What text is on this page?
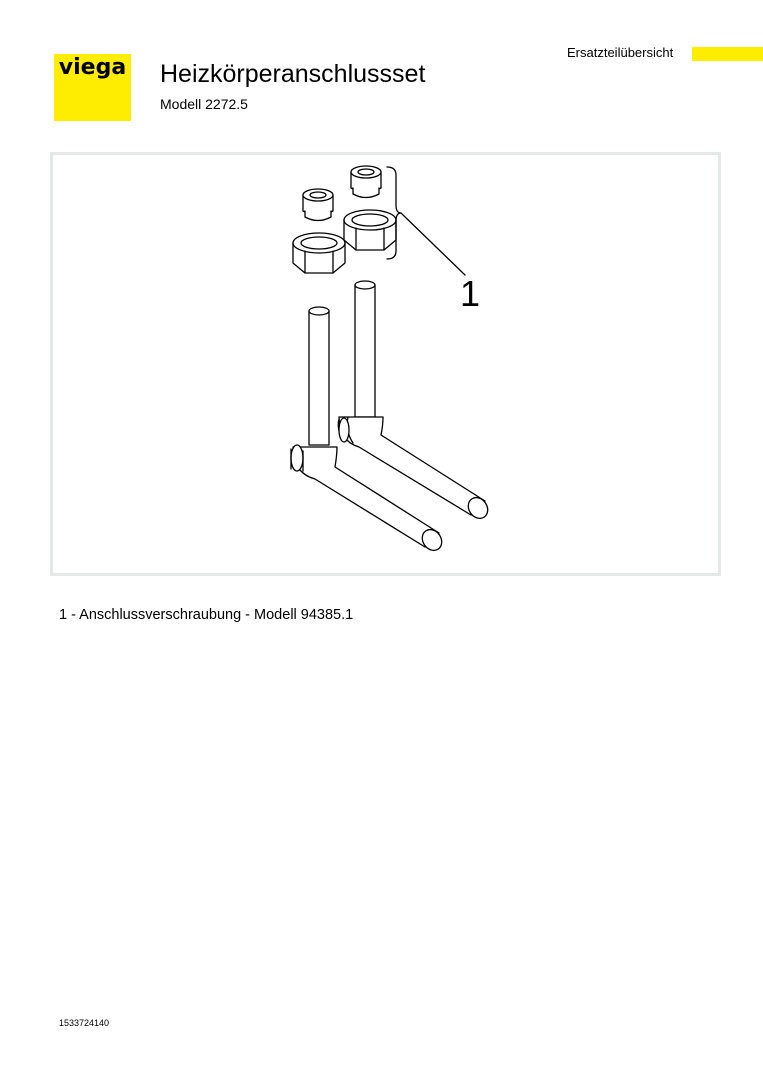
viega Heizkörperanschlussset
Modell 2272.5
Ersatzteilübersicht
1
1 - Anschlussverschraubung - Modell 94385.1
1533724140
